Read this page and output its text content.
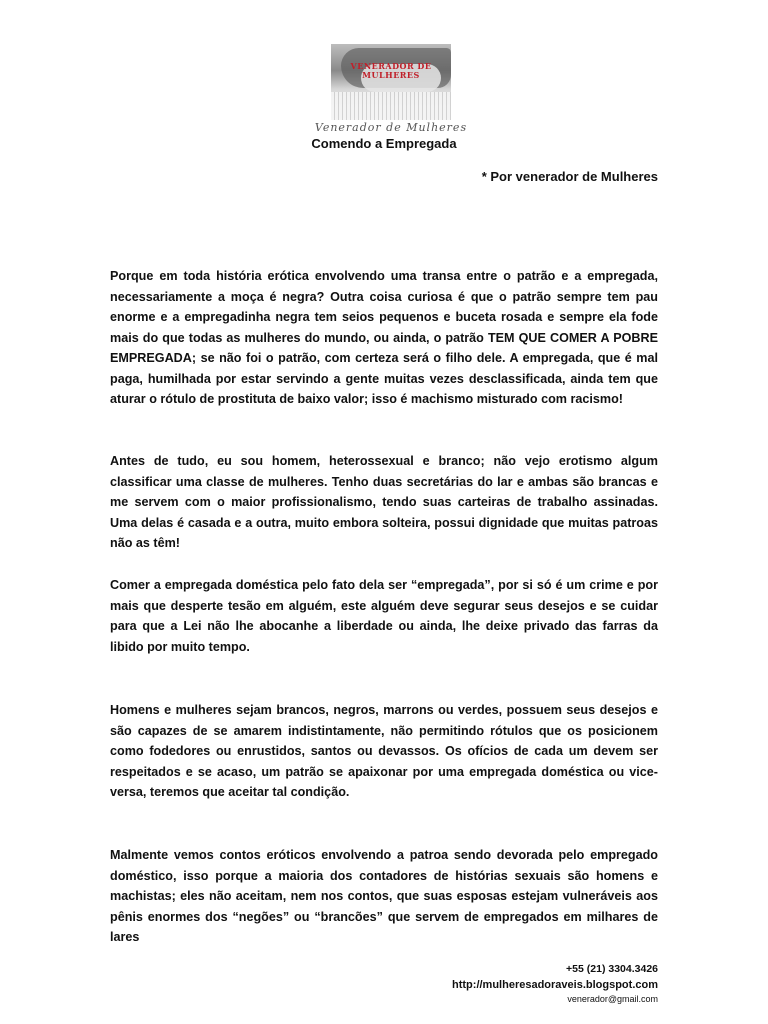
VENERADOR DE MULHERES
Venerador de Mulheres
Comendo a Empregada
* Por venerador de Mulheres

Porque em toda história erótica envolvendo uma transa entre o patrão e a empregada, necessariamente a moça é negra? Outra coisa curiosa é que o patrão sempre tem pau enorme e a empregadinha negra tem seios pequenos e buceta rosada e sempre ela fode mais do que todas as mulheres do mundo, ou ainda, o patrão TEM QUE COMER A POBRE EMPREGADA; se não foi o patrão, com certeza será o filho dele. A empregada, que é mal paga, humilhada por estar servindo a gente muitas vezes desclassificada, ainda tem que aturar o rótulo de prostituta de baixo valor; isso é machismo misturado com racismo!

Antes de tudo, eu sou homem, heterossexual e branco; não vejo erotismo algum classificar uma classe de mulheres. Tenho duas secretárias do lar e ambas são brancas e me servem com o maior profissionalismo, tendo suas carteiras de trabalho assinadas. Uma delas é casada e a outra, muito embora solteira, possui dignidade que muitas patroas não as têm!

Comer a empregada doméstica pelo fato dela ser “empregada”, por si só é um crime e por mais que desperte tesão em alguém, este alguém deve segurar seus desejos e se cuidar para que a Lei não lhe abocanhe a liberdade ou ainda, lhe deixe privado das farras da libido por muito tempo.

Homens e mulheres sejam brancos, negros, marrons ou verdes, possuem seus desejos e são capazes de se amarem indistintamente, não permitindo rótulos que os posicionem como fodedores ou enrustidos, santos ou devassos. Os ofícios de cada um devem ser respeitados e se acaso, um patrão se apaixonar por uma empregada doméstica ou vice-versa, teremos que aceitar tal condição.

Malmente vemos contos eróticos envolvendo a patroa sendo devorada pelo empregado doméstico, isso porque a maioria dos contadores de histórias sexuais são homens e machistas; eles não aceitam, nem nos contos, que suas esposas estejam vulneráveis aos pênis enormes dos “negões” ou “brancões” que servem de empregados em milhares de lares

+55 (21) 3304.3426
http://mulheresadoraveis.blogspot.com
venerador@gmail.com
